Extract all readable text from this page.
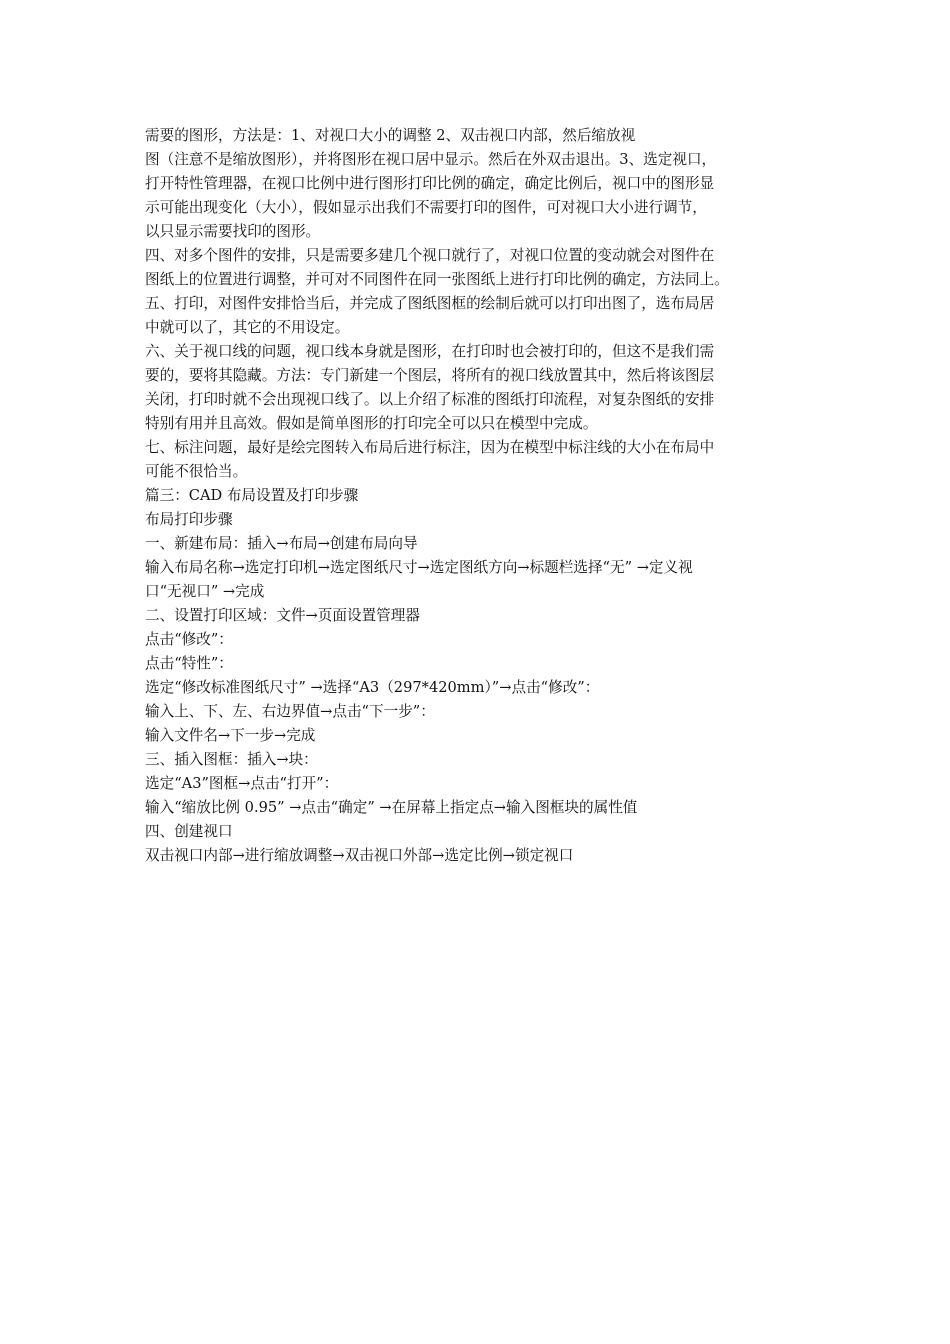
需要的图形，方法是：1、对视口大小的调整 2、双击视口内部，然后缩放视
图（注意不是缩放图形），并将图形在视口居中显示。然后在外双击退出。3、选定视口，
打开特性管理器，在视口比例中进行图形打印比例的确定，确定比例后，视口中的图形显
示可能出现变化（大小），假如显示出我们不需要打印的图件，可对视口大小进行调节，
以只显示需要找印的图形。
四、对多个图件的安排，只是需要多建几个视口就行了，对视口位置的变动就会对图件在
图纸上的位置进行调整，并可对不同图件在同一张图纸上进行打印比例的确定，方法同上。
五、打印，对图件安排恰当后，并完成了图纸图框的绘制后就可以打印出图了，选布局居
中就可以了，其它的不用设定。
六、关于视口线的问题，视口线本身就是图形，在打印时也会被打印的，但这不是我们需
要的，要将其隐藏。方法：专门新建一个图层，将所有的视口线放置其中，然后将该图层
关闭，打印时就不会出现视口线了。以上介绍了标准的图纸打印流程，对复杂图纸的安排
特别有用并且高效。假如是简单图形的打印完全可以只在模型中完成。
七、标注问题，最好是绘完图转入布局后进行标注，因为在模型中标注线的大小在布局中
可能不很恰当。
篇三：CAD 布局设置及打印步骤
布局打印步骤
一、新建布局：插入→布局→创建布局向导
输入布局名称→选定打印机→选定图纸尺寸→选定图纸方向→标题栏选择“无” →定义视
口“无视口” →完成
二、设置打印区域：文件→页面设置管理器
点击“修改”：
点击“特性”：
选定“修改标准图纸尺寸” →选择“A3（297*420mm）”→点击“修改”：
输入上、下、左、右边界值→点击“下一步”：
输入文件名→下一步→完成
三、插入图框：插入→块：
选定“A3”图框→点击“打开”：
输入“缩放比例 0.95” →点击“确定” →在屏幕上指定点→输入图框块的属性值
四、创建视口
双击视口内部→进行缩放调整→双击视口外部→选定比例→锁定视口
